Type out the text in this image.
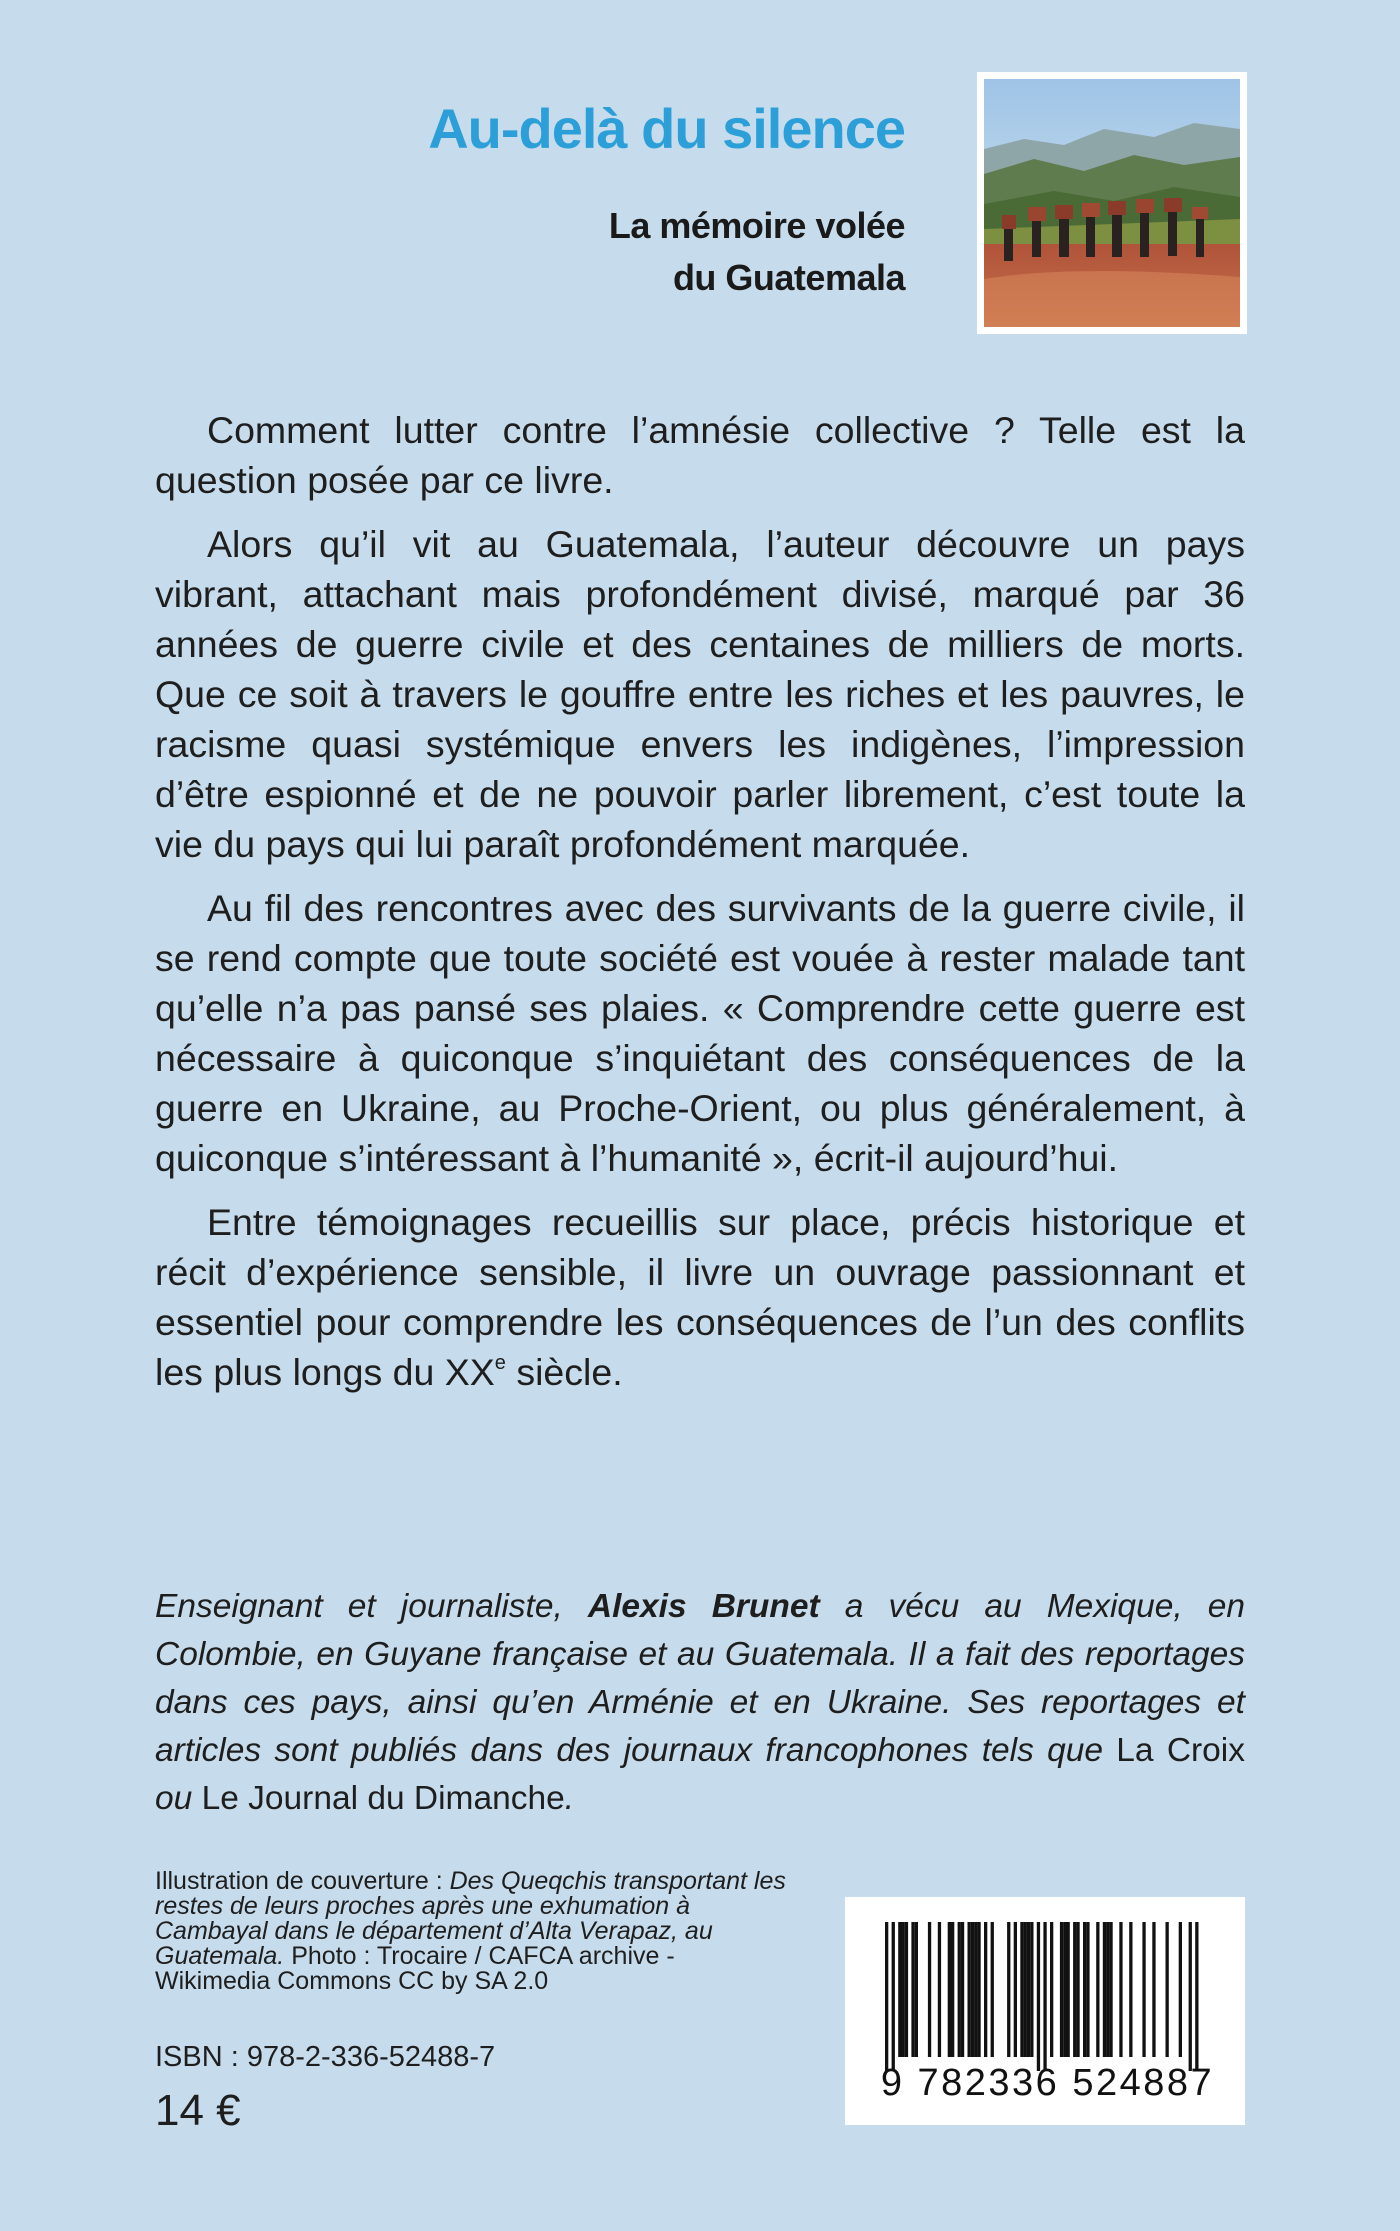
Au-delà du silence
La mémoire volée
du Guatemala

Comment lutter contre l’amnésie collective ? Telle est la question posée par ce livre.

Alors qu’il vit au Guatemala, l’auteur découvre un pays vibrant, attachant mais profondément divisé, marqué par 36 années de guerre civile et des centaines de milliers de morts. Que ce soit à travers le gouffre entre les riches et les pauvres, le racisme quasi systémique envers les indigènes, l’impression d’être espionné et de ne pouvoir parler librement, c’est toute la vie du pays qui lui paraît profondément marquée.

Au fil des rencontres avec des survivants de la guerre civile, il se rend compte que toute société est vouée à rester malade tant qu’elle n’a pas pansé ses plaies. « Comprendre cette guerre est nécessaire à quiconque s’inquiétant des conséquences de la guerre en Ukraine, au Proche-Orient, ou plus généralement, à quiconque s’intéressant à l’humanité », écrit-il aujourd’hui.

Entre témoignages recueillis sur place, précis historique et récit d’expérience sensible, il livre un ouvrage passionnant et essentiel pour comprendre les conséquences de l’un des conflits les plus longs du XXe siècle.

Enseignant et journaliste, Alexis Brunet a vécu au Mexique, en Colombie, en Guyane française et au Guatemala. Il a fait des reportages dans ces pays, ainsi qu’en Arménie et en Ukraine. Ses reportages et articles sont publiés dans des journaux francophones tels que La Croix ou Le Journal du Dimanche.

Illustration de couverture : Des Queqchis transportant les restes de leurs proches après une exhumation à Cambayal dans le département d’Alta Verapaz, au Guatemala. Photo : Trocaire / CAFCA archive - Wikimedia Commons CC by SA 2.0

ISBN : 978-2-336-52488-7

14 €

9 782336 524887
